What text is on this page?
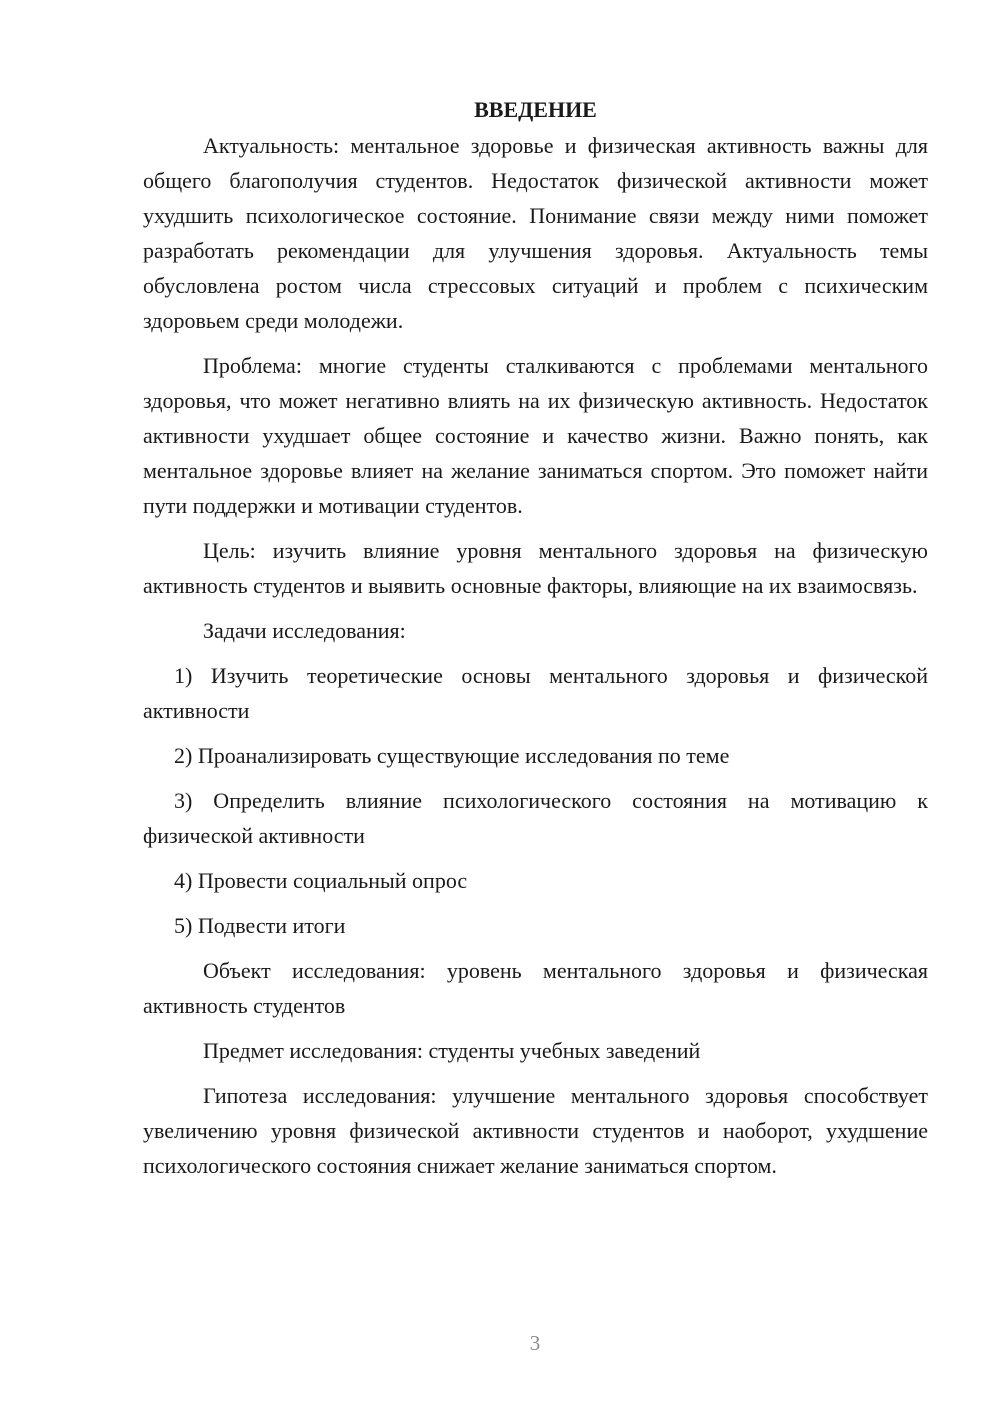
ВВЕДЕНИЕ

Актуальность: ментальное здоровье и физическая активность важны для общего благополучия студентов. Недостаток физической активности может ухудшить психологическое состояние. Понимание связи между ними поможет разработать рекомендации для улучшения здоровья. Актуальность темы обусловлена ростом числа стрессовых ситуаций и проблем с психическим здоровьем среди молодежи.

Проблема: многие студенты сталкиваются с проблемами ментального здоровья, что может негативно влиять на их физическую активность. Недостаток активности ухудшает общее состояние и качество жизни. Важно понять, как ментальное здоровье влияет на желание заниматься спортом. Это поможет найти пути поддержки и мотивации студентов.

Цель: изучить влияние уровня ментального здоровья на физическую активность студентов и выявить основные факторы, влияющие на их взаимосвязь.

Задачи исследования:

1) Изучить теоретические основы ментального здоровья и физической активности

2) Проанализировать существующие исследования по теме

3) Определить влияние психологического состояния на мотивацию к физической активности

4) Провести социальный опрос

5) Подвести итоги

Объект исследования: уровень ментального здоровья и физическая активность студентов

Предмет исследования: студенты учебных заведений

Гипотеза исследования: улучшение ментального здоровья способствует увеличению уровня физической активности студентов и наоборот, ухудшение психологического состояния снижает желание заниматься спортом.

3
